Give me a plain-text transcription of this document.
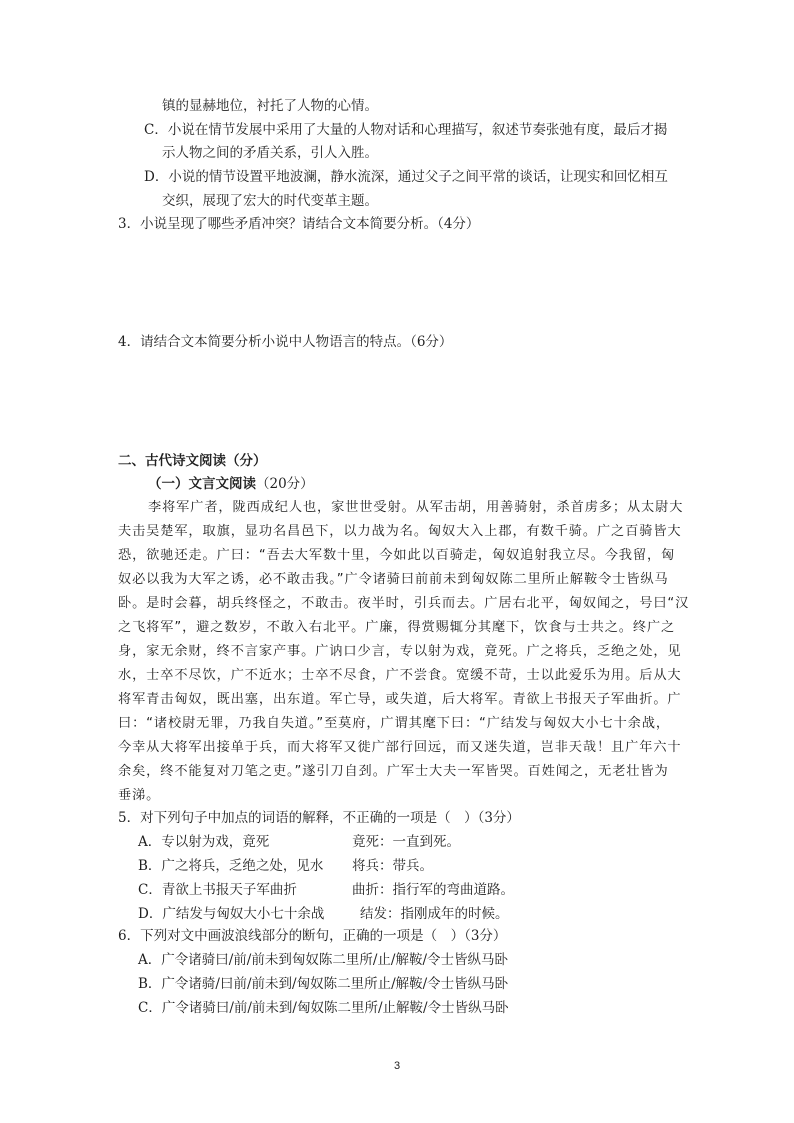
镇的显赫地位，衬托了人物的心情。
C．小说在情节发展中采用了大量的人物对话和心理描写，叙述节奏张弛有度，最后才揭
示人物之间的矛盾关系，引人入胜。
D．小说的情节设置平地波澜，静水流深，通过父子之间平常的谈话，让现实和回忆相互
交织，展现了宏大的时代变革主题。
3．小说呈现了哪些矛盾冲突？请结合文本简要分析。（4分）
4．请结合文本简要分析小说中人物语言的特点。（6分）
二、古代诗文阅读（分）
（一）文言文阅读（20分）
李将军广者，陇西成纪人也，家世世受射。从军击胡，用善骑射，杀首虏多；从太尉大
夫击吴楚军，取旗，显功名昌邑下，以力战为名。匈奴大入上郡，有数千骑。广之百骑皆大
恐，欲驰还走。广曰：“吾去大军数十里，今如此以百骑走，匈奴追射我立尽。今我留，匈
奴必以我为大军之诱，必不敢击我。”广令诸骑曰前前未到匈奴陈二里所止解鞍令士皆纵马
卧。是时会暮，胡兵终怪之，不敢击。夜半时，引兵而去。广居右北平，匈奴闻之，号曰“汉
之飞将军”，避之数岁，不敢入右北平。广廉，得赏赐辄分其麾下，饮食与士共之。终广之
身，家无余财，终不言家产事。广讷口少言，专以射为戏，竟死。广之将兵，乏绝之处，见
水，士卒不尽饮，广不近水；士卒不尽食，广不尝食。宽缓不苛，士以此爱乐为用。后从大
将军青击匈奴，既出塞，出东道。军亡导，或失道，后大将军。青欲上书报天子军曲折。广
曰：“诸校尉无罪，乃我自失道。”至莫府，广谓其麾下曰：“广结发与匈奴大小七十余战，
今幸从大将军出接单于兵，而大将军又徙广部行回远，而又迷失道，岂非天哉！且广年六十
余矣，终不能复对刀笔之吏。”遂引刀自刭。广军士大夫一军皆哭。百姓闻之，无老壮皆为
垂涕。
5．对下列句子中加点的词语的解释，不正确的一项是（　）（3分）
A．专以射为戏，竟死	竟死：一直到死。
B．广之将兵，乏绝之处，见水 将兵：带兵。
C．青欲上书报天子军曲折	曲折：指行军的弯曲道路。
D．广结发与匈奴大小七十余战	结发：指刚成年的时候。
6．下列对文中画波浪线部分的断句，正确的一项是（　）（3分）
A．广令诸骑曰/前/前未到匈奴陈二里所/止/解鞍/令士皆纵马卧
B．广令诸骑/曰前/前未到/匈奴陈二里所止/解鞍/令士皆纵马卧
C．广令诸骑曰/前/前未到/匈奴陈二里所/止解鞍/令士皆纵马卧
3
